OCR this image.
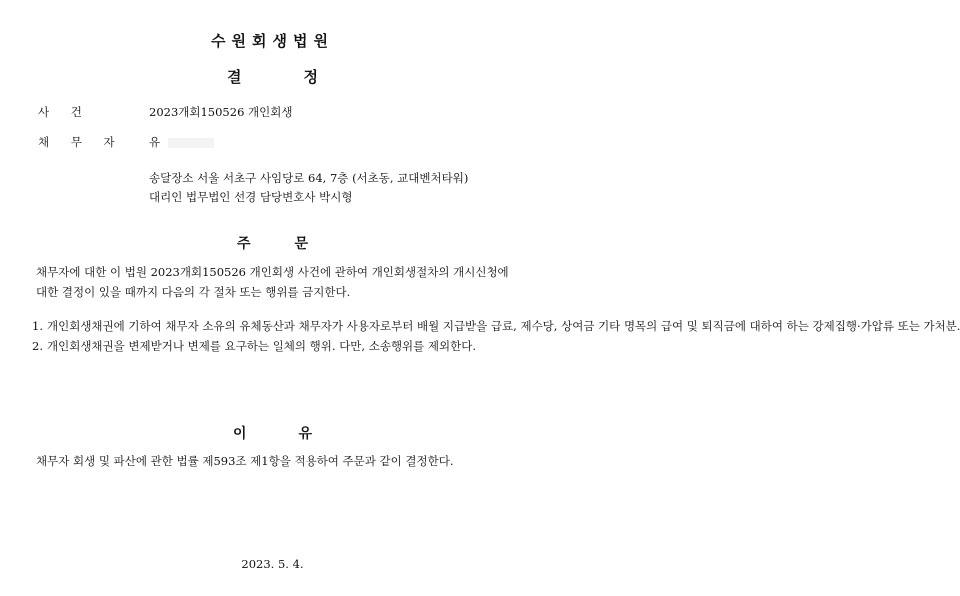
수원회생법원
결	정
사 건	2023개회150526 개인회생
채 무 자 유
송달장소 서울 서초구 사임당로 64, 7층 (서초동, 교대벤처타워)
대리인 법무법인 선경 담당변호사 박시형
주	문
채무자에 대한 이 법원 2023개회150526 개인회생 사건에 관하여 개인회생절차의 개시신청에 대한 결정이 있을 때까지 다음의 각 절차 또는 행위를 금지한다.
1. 개인회생채권에 기하여 채무자 소유의 유체동산과 채무자가 사용자로부터 배월 지급받을 급료, 제수당, 상여금 기타 명목의 급여 및 퇴직금에 대하여 하는 강제집행·가압류 또는 가처분.
2. 개인회생채권을 변제받거나 변제를 요구하는 일체의 행위. 다만, 소송행위를 제외한다.
이	유
채무자 회생 및 파산에 관한 법률 제593조 제1항을 적용하여 주문과 같이 결정한다.
2023. 5. 4.
